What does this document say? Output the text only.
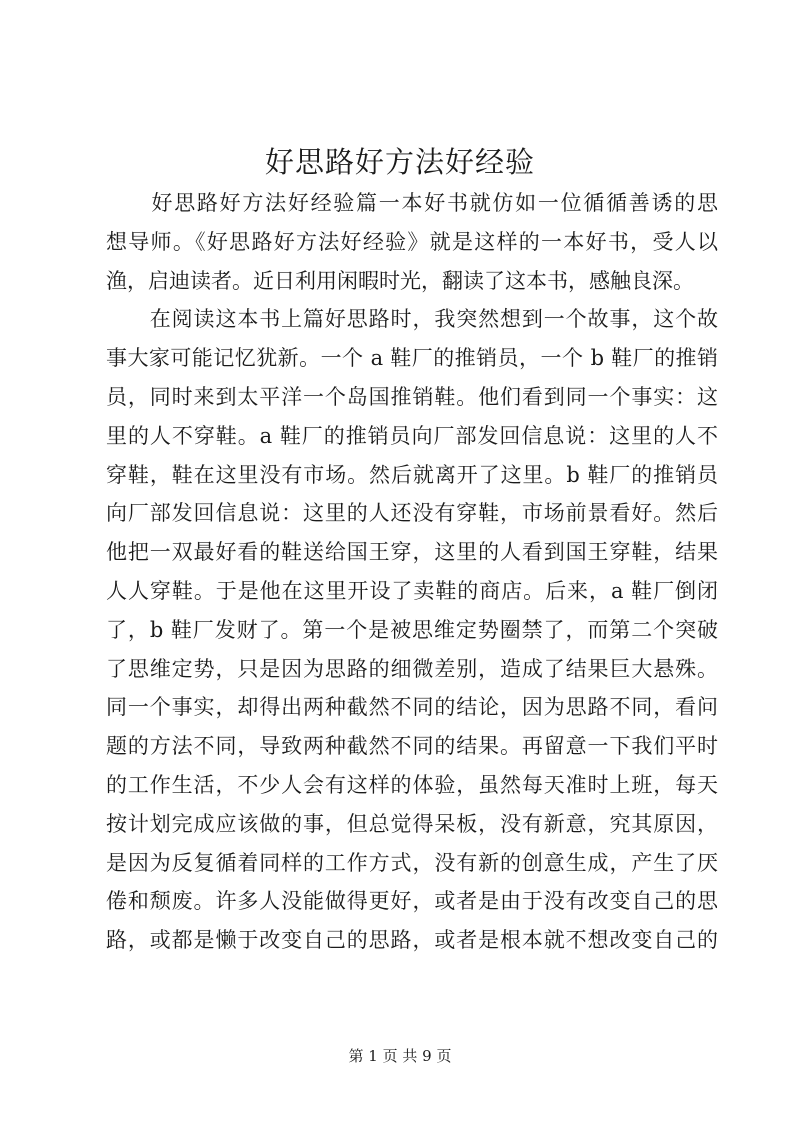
好思路好方法好经验
　　好思路好方法好经验篇一本好书就仿如一位循循善诱的思
想导师。《好思路好方法好经验》就是这样的一本好书，受人以
渔，启迪读者。近日利用闲暇时光，翻读了这本书，感触良深。
　　在阅读这本书上篇好思路时，我突然想到一个故事，这个故
事大家可能记忆犹新。一个 a 鞋厂的推销员，一个 b 鞋厂的推销
员，同时来到太平洋一个岛国推销鞋。他们看到同一个事实：这
里的人不穿鞋。a 鞋厂的推销员向厂部发回信息说：这里的人不
穿鞋，鞋在这里没有市场。然后就离开了这里。b 鞋厂的推销员
向厂部发回信息说：这里的人还没有穿鞋，市场前景看好。然后
他把一双最好看的鞋送给国王穿，这里的人看到国王穿鞋，结果
人人穿鞋。于是他在这里开设了卖鞋的商店。后来，a 鞋厂倒闭
了，b 鞋厂发财了。第一个是被思维定势圈禁了，而第二个突破
了思维定势，只是因为思路的细微差别，造成了结果巨大悬殊。
同一个事实，却得出两种截然不同的结论，因为思路不同，看问
题的方法不同，导致两种截然不同的结果。再留意一下我们平时
的工作生活，不少人会有这样的体验，虽然每天准时上班，每天
按计划完成应该做的事，但总觉得呆板，没有新意，究其原因，
是因为反复循着同样的工作方式，没有新的创意生成，产生了厌
倦和颓废。许多人没能做得更好，或者是由于没有改变自己的思
路，或都是懒于改变自己的思路，或者是根本就不想改变自己的
第 1 页 共 9 页
